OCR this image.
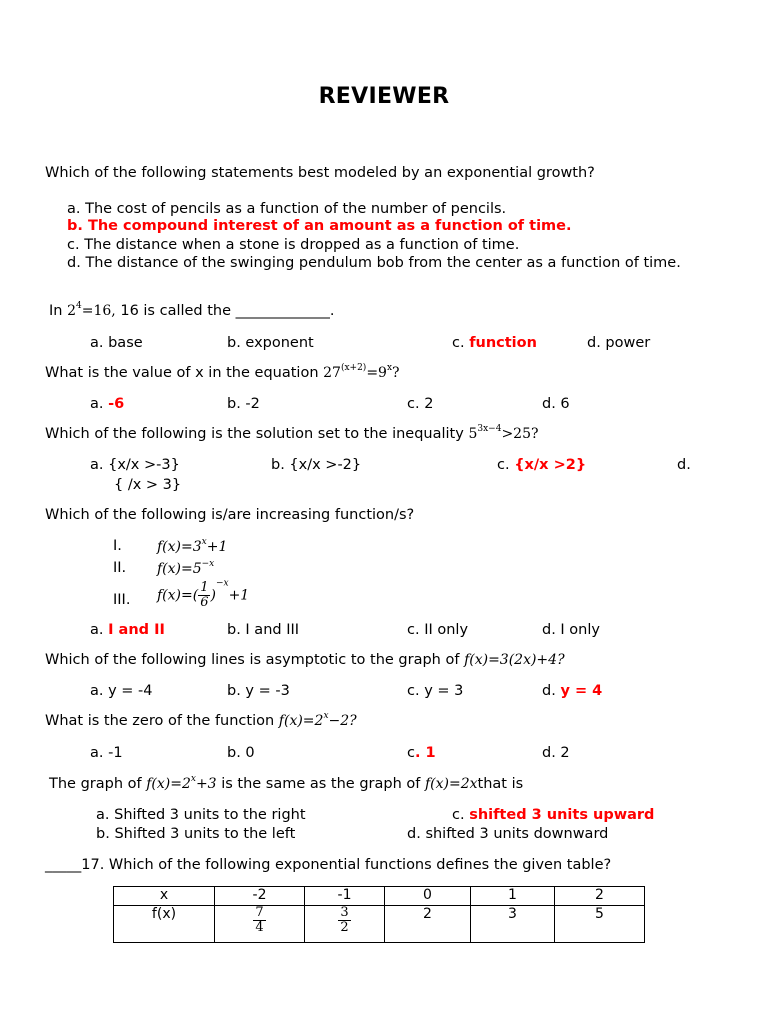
REVIEWER
Which of the following statements best modeled by an exponential growth?
a. The cost of pencils as a function of the number of pencils.
b. The compound interest of an amount as a function of time.
c. The distance when a stone is dropped as a function of time.
d. The distance of the swinging pendulum bob from the center as a function of time.
In $2^4=16$, 16 is called the _____________.
a. base	b. exponent	c. function	d. power
What is the value of x in the equation $27^{(x+2)}=9^x$?
a. -6	b. -2	c. 2	d. 6
Which of the following is the solution set to the inequality $5^{3x-4}>25$?
a. {x/x >-3}	b. {x/x >-2}	c. {x/x >2}	d.
{ /x > 3}
Which of the following is/are increasing function/s?
I.	$f(x)=3^x+1$
II. $f(x)=5^{-x}$
III. $f(x)=( \frac{1}{6} )^{-x}+1$
a. I and II	b. I and III	c. II only	d. I only
Which of the following lines is asymptotic to the graph of f(x)=3(2x)+4?
a. y = -4	b. y = -3	c. y = 3	d. y = 4
What is the zero of the function $f(x)=2^x-2$?
a. -1	b. 0	c. 1	d. 2
The graph of $f(x)=2^x+3$ is the same as the graph of f(x)=2xthat is
a. Shifted 3 units to the right	c. shifted 3 units upward
b. Shifted 3 units to the left	d. shifted 3 units downward
_____17. Which of the following exponential functions defines the given table?
x	-2	-1	0	1	2
f(x)	$\frac{7}{4}$	$\frac{3}{2}$	2	3	5
